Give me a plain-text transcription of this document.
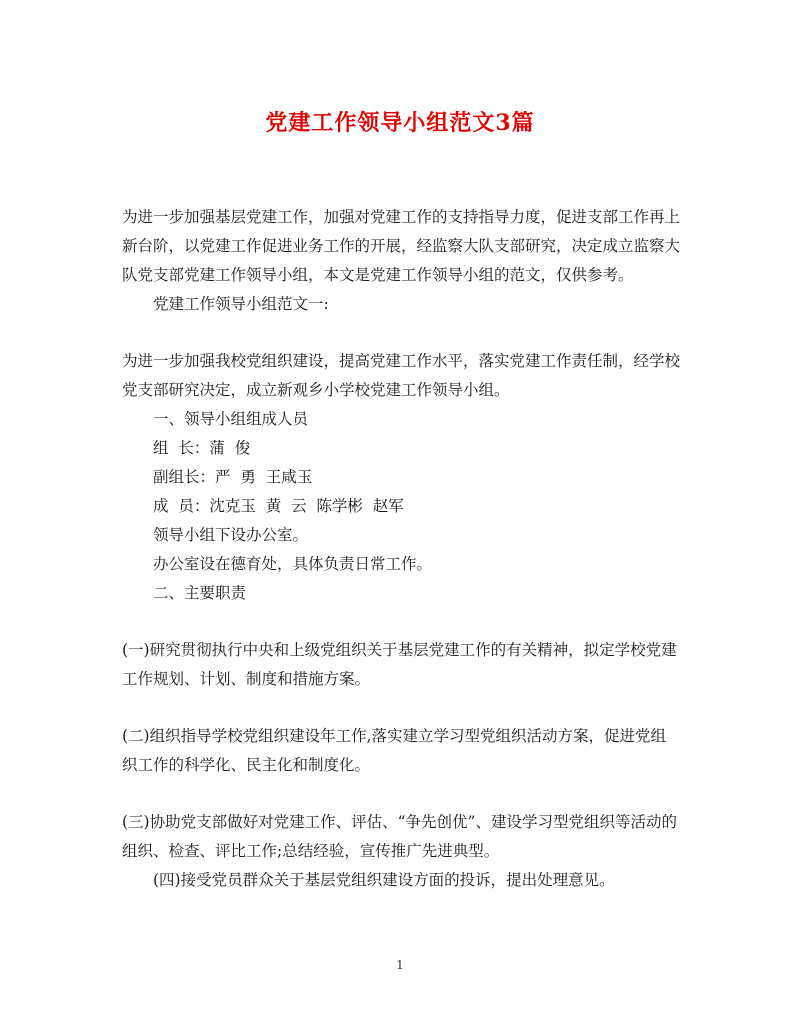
党建工作领导小组范文3篇

为进一步加强基层党建工作，加强对党建工作的支持指导力度，促进支部工作再上新台阶，以党建工作促进业务工作的开展，经监察大队支部研究，决定成立监察大队党支部党建工作领导小组，本文是党建工作领导小组的范文，仅供参考。

党建工作领导小组范文一:

为进一步加强我校党组织建设，提高党建工作水平，落实党建工作责任制，经学校党支部研究决定，成立新观乡小学校党建工作领导小组。

一、领导小组组成人员

组  长：蒲  俊

副组长：严  勇  王咸玉

成  员：沈克玉  黄  云  陈学彬  赵军

领导小组下设办公室。

办公室设在德育处，具体负责日常工作。

二、主要职责

(一)研究贯彻执行中央和上级党组织关于基层党建工作的有关精神，拟定学校党建工作规划、计划、制度和措施方案。

(二)组织指导学校党组织建设年工作,落实建立学习型党组织活动方案，促进党组织工作的科学化、民主化和制度化。

(三)协助党支部做好对党建工作、评估、“争先创优”、建设学习型党组织等活动的组织、检查、评比工作;总结经验，宣传推广先进典型。

(四)接受党员群众关于基层党组织建设方面的投诉，提出处理意见。

1
